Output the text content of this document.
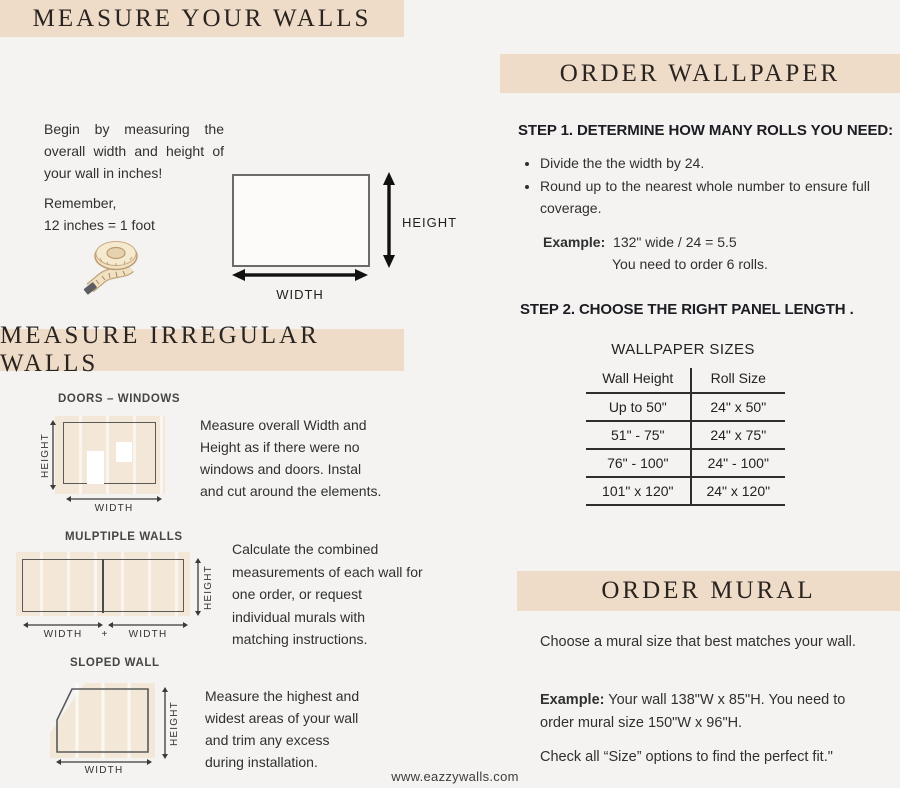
MEASURE YOUR WALLS
Begin by measuring the overall width and height of your wall in inches!
Remember,
12 inches = 1 foot	HEIGHT
WIDTH
MEASURE IRREGULAR WALLS
DOORS – WINDOWS
HEIGHT
WIDTH
Measure overall Width and Height as if there were no windows and doors. Instal and cut around the elements.
MULPTIPLE WALLS
HEIGHT
WIDTH	+	WIDTH
Calculate the combined measurements of each wall for one order, or request individual murals with matching instructions.
SLOPED WALL
HEIGHT
WIDTH
Measure the highest and widest areas of your wall and trim any excess during installation.
ORDER WALLPAPER
STEP 1. DETERMINE HOW MANY ROLLS YOU NEED:
• Divide the the width by 24.
• Round up to the nearest whole number to ensure full coverage.
Example: 132" wide / 24 = 5.5
You need to order 6 rolls.
STEP 2. CHOOSE THE RIGHT PANEL LENGTH .
WALLPAPER SIZES
Wall Height	Roll Size
Up to 50"	24" x 50"
51" - 75"	24" x 75"
76" - 100"	24" - 100"
101" x 120"	24" x 120"
ORDER MURAL
Choose a mural size that best matches your wall.
Example: Your wall 138"W x 85"H. You need to order mural size 150"W x 96"H.
Check all “Size” options to find the perfect fit."
www.eazzywalls.com
